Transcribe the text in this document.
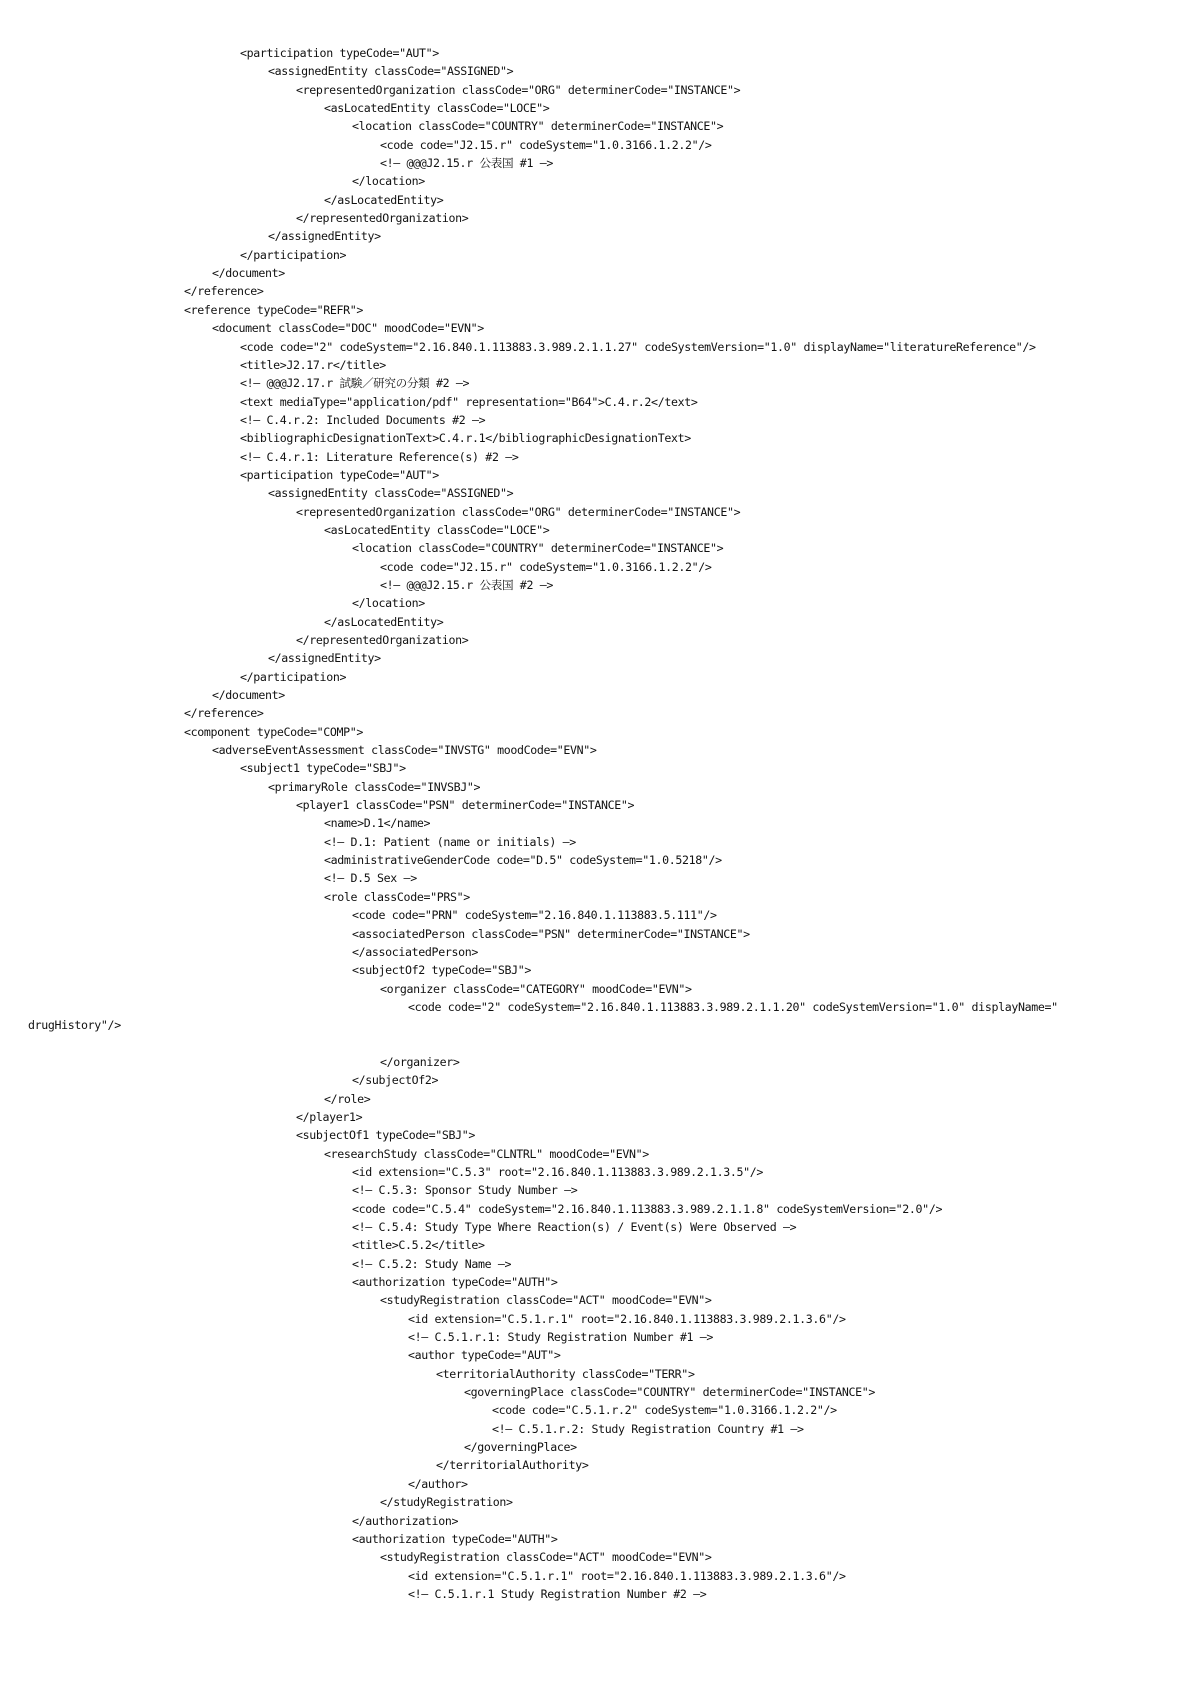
<participation typeCode="AUT">
<assignedEntity classCode="ASSIGNED">
<representedOrganization classCode="ORG" determinerCode="INSTANCE">
<asLocatedEntity classCode="LOCE">
<location classCode="COUNTRY" determinerCode="INSTANCE">
<code code="J2.15.r" codeSystem="1.0.3166.1.2.2"/>
<!— @@@J2.15.r 公表国 #1 —>
</location>
</asLocatedEntity>
</representedOrganization>
</assignedEntity>
</participation>
</document>
</reference>
<reference typeCode="REFR">
<document classCode="DOC" moodCode="EVN">
<code code="2" codeSystem="2.16.840.1.113883.3.989.2.1.1.27" codeSystemVersion="1.0" displayName="literatureReference"/>
<title>J2.17.r</title>
<!— @@@J2.17.r 試験／研究の分類 #2 —>
<text mediaType="application/pdf" representation="B64">C.4.r.2</text>
<!— C.4.r.2: Included Documents #2 —>
<bibliographicDesignationText>C.4.r.1</bibliographicDesignationText>
<!— C.4.r.1: Literature Reference(s) #2 —>
<participation typeCode="AUT">
<assignedEntity classCode="ASSIGNED">
<representedOrganization classCode="ORG" determinerCode="INSTANCE">
<asLocatedEntity classCode="LOCE">
<location classCode="COUNTRY" determinerCode="INSTANCE">
<code code="J2.15.r" codeSystem="1.0.3166.1.2.2"/>
<!— @@@J2.15.r 公表国 #2 —>
</location>
</asLocatedEntity>
</representedOrganization>
</assignedEntity>
</participation>
</document>
</reference>
<component typeCode="COMP">
<adverseEventAssessment classCode="INVSTG" moodCode="EVN">
<subject1 typeCode="SBJ">
<primaryRole classCode="INVSBJ">
<player1 classCode="PSN" determinerCode="INSTANCE">
<name>D.1</name>
<!— D.1: Patient (name or initials) —>
<administrativeGenderCode code="D.5" codeSystem="1.0.5218"/>
<!— D.5 Sex —>
<role classCode="PRS">
<code code="PRN" codeSystem="2.16.840.1.113883.5.111"/>
<associatedPerson classCode="PSN" determinerCode="INSTANCE">
</associatedPerson>
<subjectOf2 typeCode="SBJ">
<organizer classCode="CATEGORY" moodCode="EVN">
<code code="2" codeSystem="2.16.840.1.113883.3.989.2.1.1.20" codeSystemVersion="1.0" displayName="
drugHistory"/>

</organizer>
</subjectOf2>
</role>
</player1>
<subjectOf1 typeCode="SBJ">
<researchStudy classCode="CLNTRL" moodCode="EVN">
<id extension="C.5.3" root="2.16.840.1.113883.3.989.2.1.3.5"/>
<!— C.5.3: Sponsor Study Number —>
<code code="C.5.4" codeSystem="2.16.840.1.113883.3.989.2.1.1.8" codeSystemVersion="2.0"/>
<!— C.5.4: Study Type Where Reaction(s) / Event(s) Were Observed —>
<title>C.5.2</title>
<!— C.5.2: Study Name —>
<authorization typeCode="AUTH">
<studyRegistration classCode="ACT" moodCode="EVN">
<id extension="C.5.1.r.1" root="2.16.840.1.113883.3.989.2.1.3.6"/>
<!— C.5.1.r.1: Study Registration Number #1 —>
<author typeCode="AUT">
<territorialAuthority classCode="TERR">
<governingPlace classCode="COUNTRY" determinerCode="INSTANCE">
<code code="C.5.1.r.2" codeSystem="1.0.3166.1.2.2"/>
<!— C.5.1.r.2: Study Registration Country #1 —>
</governingPlace>
</territorialAuthority>
</author>
</studyRegistration>
</authorization>
<authorization typeCode="AUTH">
<studyRegistration classCode="ACT" moodCode="EVN">
<id extension="C.5.1.r.1" root="2.16.840.1.113883.3.989.2.1.3.6"/>
<!— C.5.1.r.1 Study Registration Number #2 —>
